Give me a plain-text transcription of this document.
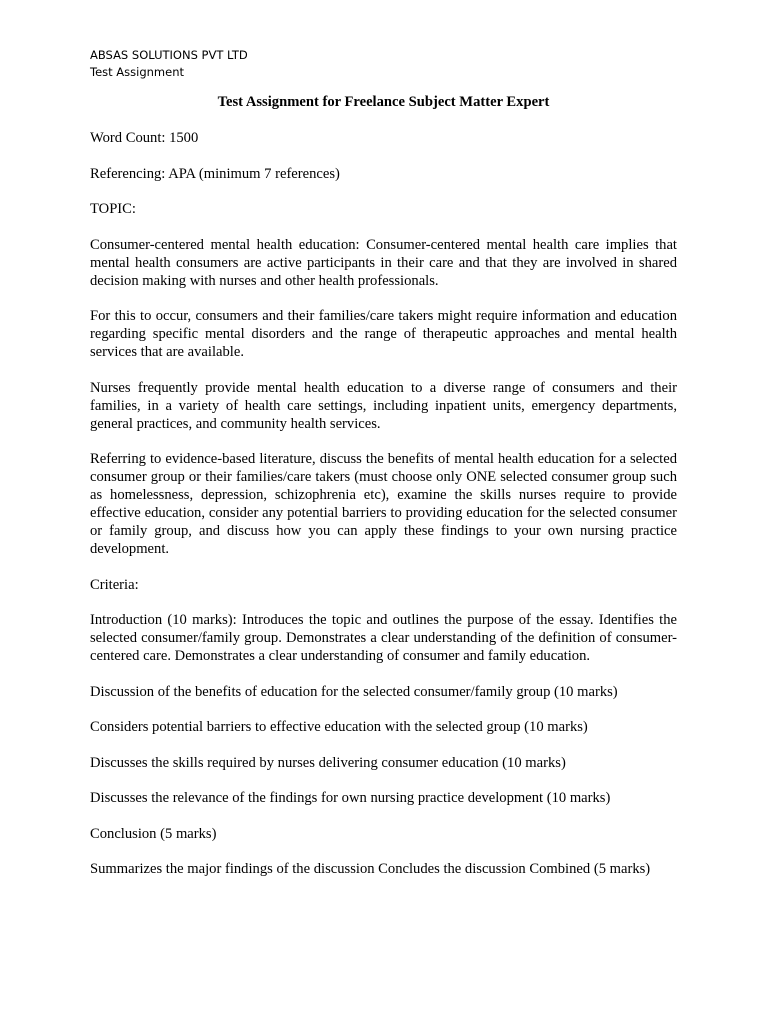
ABSAS SOLUTIONS PVT LTD
Test Assignment
Test Assignment for Freelance Subject Matter Expert
Word Count: 1500
Referencing: APA (minimum 7 references)
TOPIC:
Consumer-centered mental health education: Consumer-centered mental health care implies that mental health consumers are active participants in their care and that they are involved in shared decision making with nurses and other health professionals.
For this to occur, consumers and their families/care takers might require information and education regarding specific mental disorders and the range of therapeutic approaches and mental health services that are available.
Nurses frequently provide mental health education to a diverse range of consumers and their families, in a variety of health care settings, including inpatient units, emergency departments, general practices, and community health services.
Referring to evidence-based literature, discuss the benefits of mental health education for a selected consumer group or their families/care takers (must choose only ONE selected consumer group such as homelessness, depression, schizophrenia etc), examine the skills nurses require to provide effective education, consider any potential barriers to providing education for the selected consumer or family group, and discuss how you can apply these findings to your own nursing practice development.
Criteria:
Introduction (10 marks): Introduces the topic and outlines the purpose of the essay. Identifies the selected consumer/family group. Demonstrates a clear understanding of the definition of consumer-centered care. Demonstrates a clear understanding of consumer and family education.
Discussion of the benefits of education for the selected consumer/family group (10 marks)
Considers potential barriers to effective education with the selected group (10 marks)
Discusses the skills required by nurses delivering consumer education (10 marks)
Discusses the relevance of the findings for own nursing practice development (10 marks)
Conclusion (5 marks)
Summarizes the major findings of the discussion Concludes the discussion Combined (5 marks)
